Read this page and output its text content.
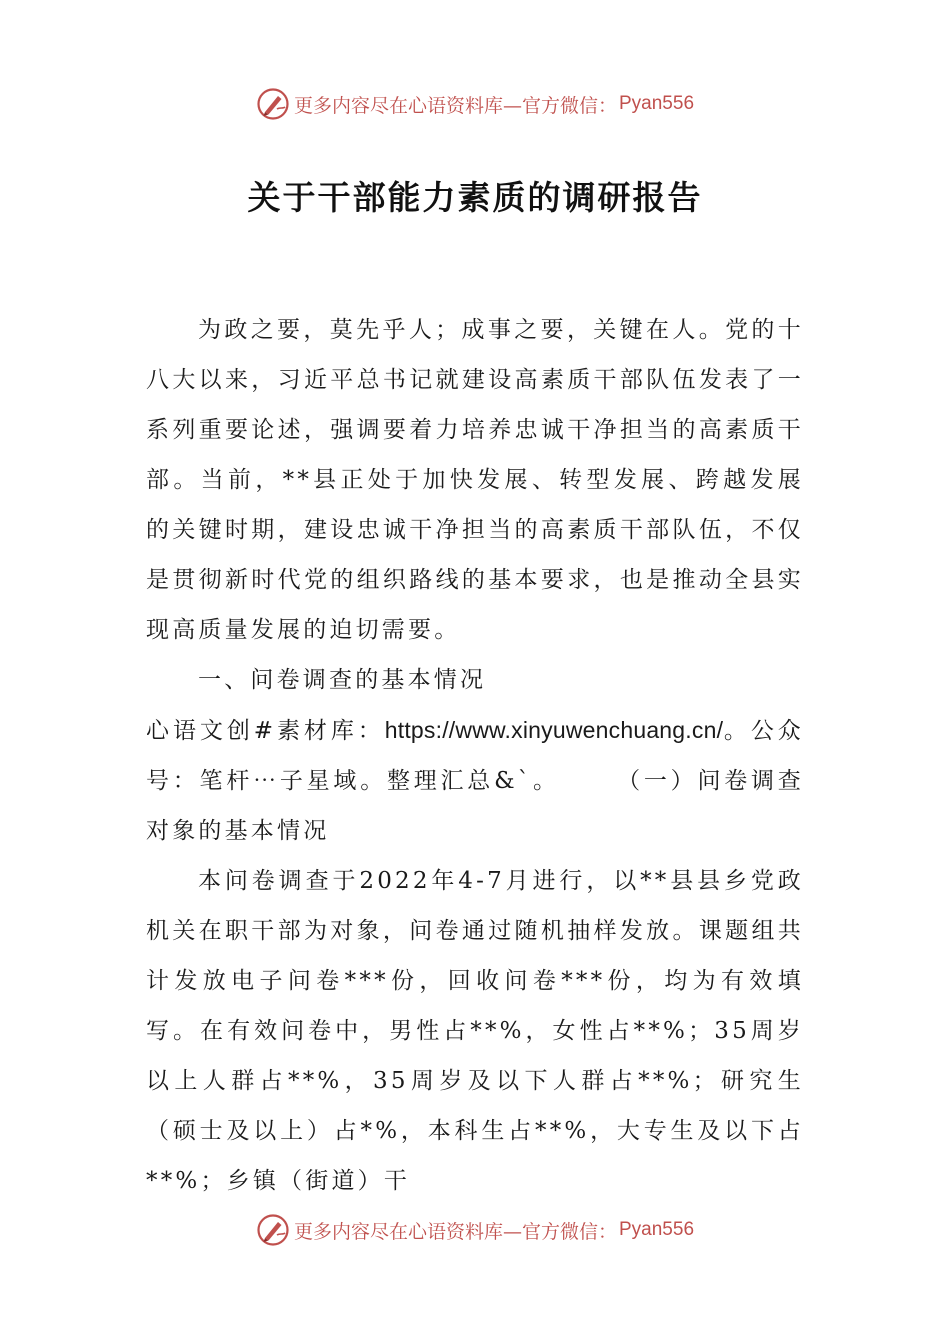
更多内容尽在心语资料库—官方微信： Pyan556
关于干部能力素质的调研报告

为政之要，莫先乎人；成事之要，关键在人。党的十八大以来，习近平总书记就建设高素质干部队伍发表了一系列重要论述，强调要着力培养忠诚干净担当的高素质干部。当前，**县正处于加快发展、转型发展、跨越发展的关键时期，建设忠诚干净担当的高素质干部队伍，不仅是贯彻新时代党的组织路线的基本要求，也是推动全县实现高质量发展的迫切需要。

一、问卷调查的基本情况

心语文创#素材库：https://www.xinyuwenchuang.cn/。公众号：笔杆⋯子星域。整理汇总&`。　　　（一）问卷调查对象的基本情况

本问卷调查于2022年4-7月进行，以**县县乡党政机关在职干部为对象，问卷通过随机抽样发放。课题组共计发放电子问卷***份，回收问卷***份，均为有效填写。在有效问卷中，男性占**%，女性占**%；35周岁以上人群占**%，35周岁及以下人群占**%；研究生（硕士及以上）占*%，本科生占**%，大专生及以下占**%；乡镇（街道）干

更多内容尽在心语资料库—官方微信： Pyan556
